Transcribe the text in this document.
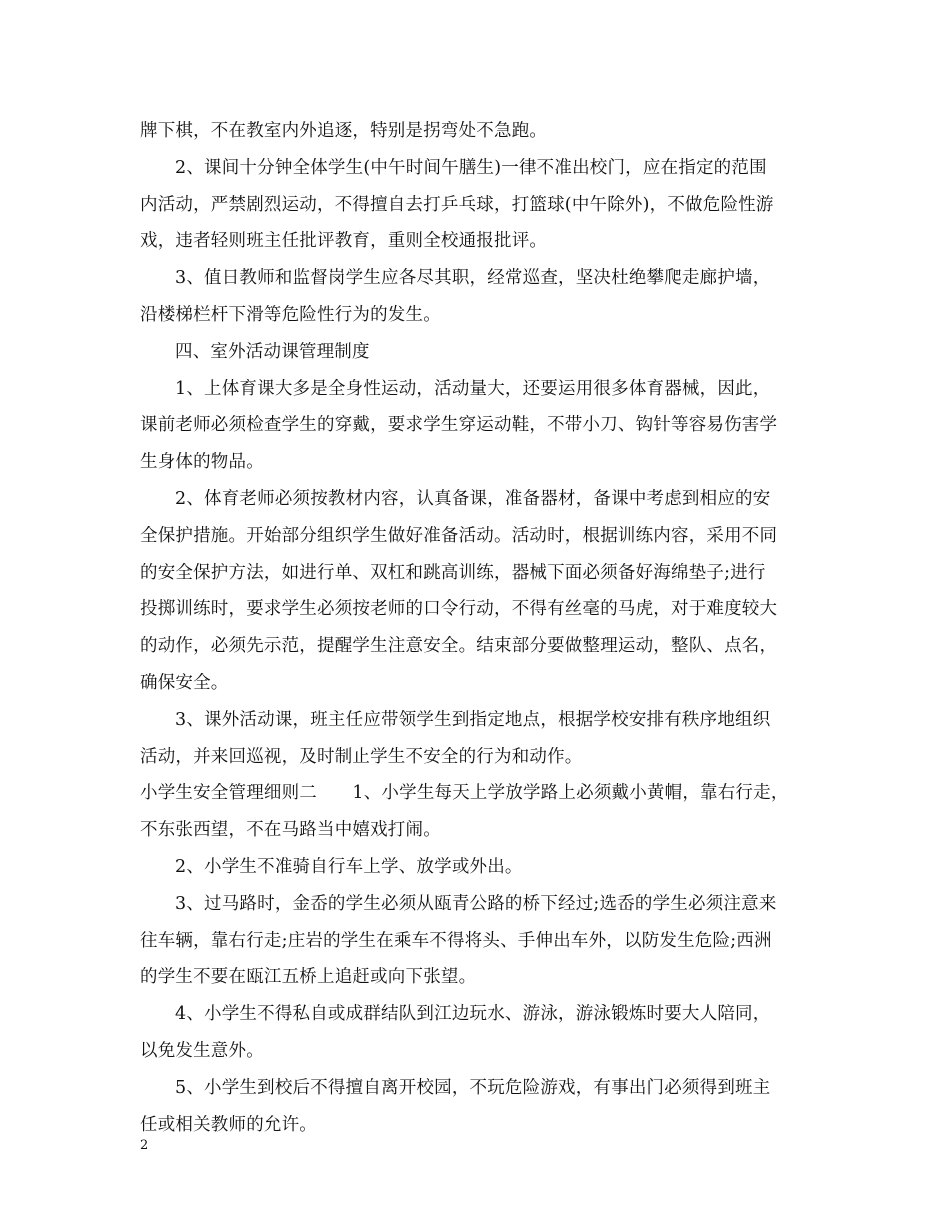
牌下棋，不在教室内外追逐，特别是拐弯处不急跑。
2、课间十分钟全体学生(中午时间午膳生)一律不准出校门，应在指定的范围
内活动，严禁剧烈运动，不得擅自去打乒乓球，打篮球(中午除外)，不做危险性游
戏，违者轻则班主任批评教育，重则全校通报批评。
3、值日教师和监督岗学生应各尽其职，经常巡查，坚决杜绝攀爬走廊护墙，
沿楼梯栏杆下滑等危险性行为的发生。
四、室外活动课管理制度
1、上体育课大多是全身性运动，活动量大，还要运用很多体育器械，因此，
课前老师必须检查学生的穿戴，要求学生穿运动鞋，不带小刀、钩针等容易伤害学
生身体的物品。
2、体育老师必须按教材内容，认真备课，准备器材，备课中考虑到相应的安
全保护措施。开始部分组织学生做好准备活动。活动时，根据训练内容，采用不同
的安全保护方法，如进行单、双杠和跳高训练，器械下面必须备好海绵垫子;进行
投掷训练时，要求学生必须按老师的口令行动，不得有丝毫的马虎，对于难度较大
的动作，必须先示范，提醒学生注意安全。结束部分要做整理运动，整队、点名，
确保安全。
3、课外活动课，班主任应带领学生到指定地点，根据学校安排有秩序地组织
活动，并来回巡视，及时制止学生不安全的行为和动作。
小学生安全管理细则二　　1、小学生每天上学放学路上必须戴小黄帽，靠右行走，
不东张西望，不在马路当中嬉戏打闹。
2、小学生不准骑自行车上学、放学或外出。
3、过马路时，金岙的学生必须从瓯青公路的桥下经过;选岙的学生必须注意来
往车辆，靠右行走;庄岩的学生在乘车不得将头、手伸出车外，以防发生危险;西洲
的学生不要在瓯江五桥上追赶或向下张望。
4、小学生不得私自或成群结队到江边玩水、游泳，游泳锻炼时要大人陪同，
以免发生意外。
5、小学生到校后不得擅自离开校园，不玩危险游戏，有事出门必须得到班主
任或相关教师的允许。
2
